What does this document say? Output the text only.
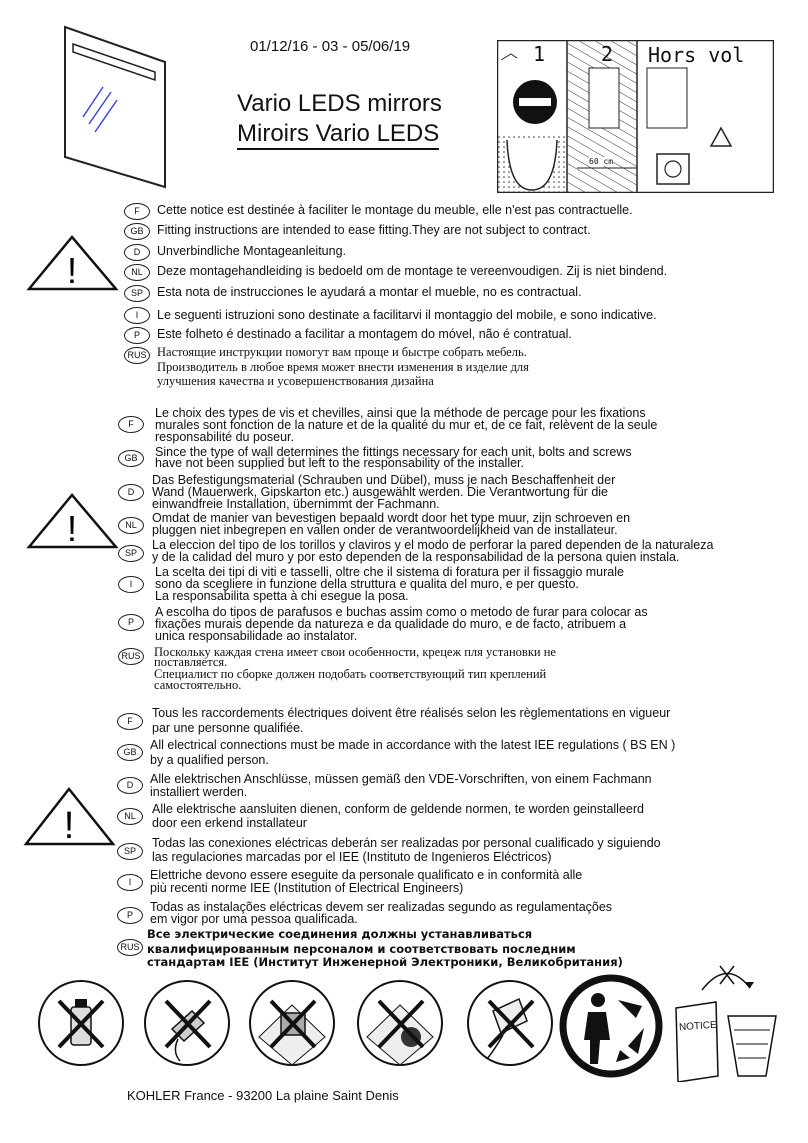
01/12/16 - 03 - 05/06/19
Vario LEDS mirrors
Miroirs Vario LEDS
1	2 Hors vol
60 cm
!
!
!
F	Cette notice est destinée à faciliter le montage du meuble, elle n'est pas contractuelle.
GB	Fitting instructions are intended to ease fitting.They are not subject to contract.
D	Unverbindliche Montageanleitung.
NL	Deze montagehandleiding is bedoeld om de montage te vereenvoudigen. Zij is niet bindend.
SP	Esta nota de instrucciones le ayudará a montar el mueble, no es contractual.
I	Le seguenti istruzioni sono destinate a facilitarvi il montaggio del mobile, e sono indicative.
P	Este folheto é destinado a facilitar a montagem do móvel, não é contratual.
RUS Настоящие инструкции помогут вам проще и быстре собрать мебель.
Производитель в любое время может внести изменения в изделие для
улучшения качества и усовершенствования дизайна
F
Le choix des types de vis et chevilles, ainsi que la méthode de percage pour les fixations
murales sont fonction de la nature et de la qualité du mur et, de ce fait, relèvent de la seule
responsabilité du poseur.
GB	Since the type of wall determines the fittings necessary for each unit, bolts and screws
have not been supplied but left to the responsability of the installer.
D
Das Befestigungsmaterial (Schrauben und Dübel), muss je nach Beschaffenheit der
Wand (Mauerwerk, Gipskarton etc.) ausgewählt werden. Die Verantwortung für die
einwandfreie Installation, übernimmt der Fachmann.
NL	Omdat de manier van bevestigen bepaald wordt door het type muur, zijn schroeven en
pluggen niet inbegrepen en vallen onder de verantwoordelijkheid van de installateur.
SP
La eleccion del tipo de los torillos y claviros y el modo de perforar la pared dependen de la naturaleza
y de la calidad del muro y por esto dependen de la responsabilidad de la persona quien instala.
I
La scelta dei tipi di viti e tasselli, oltre che il sistema di foratura per il fissaggio murale
sono da scegliere in funzione della struttura e qualita del muro, e per questo.
La responsabilita spetta à chi esegue la posa.
P
A escolha do tipos de parafusos e buchas assim como o metodo de furar para colocar as
fixações murais depende da natureza e da qualidade do muro, e de facto, atribuem a
unica responsabilidade ao instalator.
RUS Поскольку каждая стена имеет свои особенности, крецеж пля установки не
поставляется.
Специалист по сборке должен подобать соответствующий тип креплений
самостоятельно.
F
Tous les raccordements électriques doivent être réalisés selon les règlementations en vigueur
par une personne qualifiée.
GB	All electrical connections must be made in accordance with the latest IEE regulations ( BS EN )
by a qualified person.
D	Alle elektrischen Anschlüsse, müssen gemäß den VDE-Vorschriften, von einem Fachmann
installiert werden.
NL	Alle elektrische aansluiten dienen, conform de geldende normen, te worden geinstalleerd
door een erkend installateur
SP
Todas las conexiones eléctricas deberán ser realizadas por personal cualificado y siguiendo
las regulaciones marcadas por el IEE (Instituto de Ingenieros Eléctricos)
I	Elettriche devono essere eseguite da personale qualificato e in conformità alle
più recenti norme IEE (Institution of Electrical Engineers)
P
Todas as instalações eléctricas devem ser realizadas segundo as regulamentações
em vigor por uma pessoa qualificada.
RUS
Все электрические соединения должны устанавливаться
квалифицированным персоналом и соответствовать последним
стандартам IEE (Институт Инженерной Электроники, Великобритания)
NOTICE
KOHLER France - 93200 La plaine Saint Denis
